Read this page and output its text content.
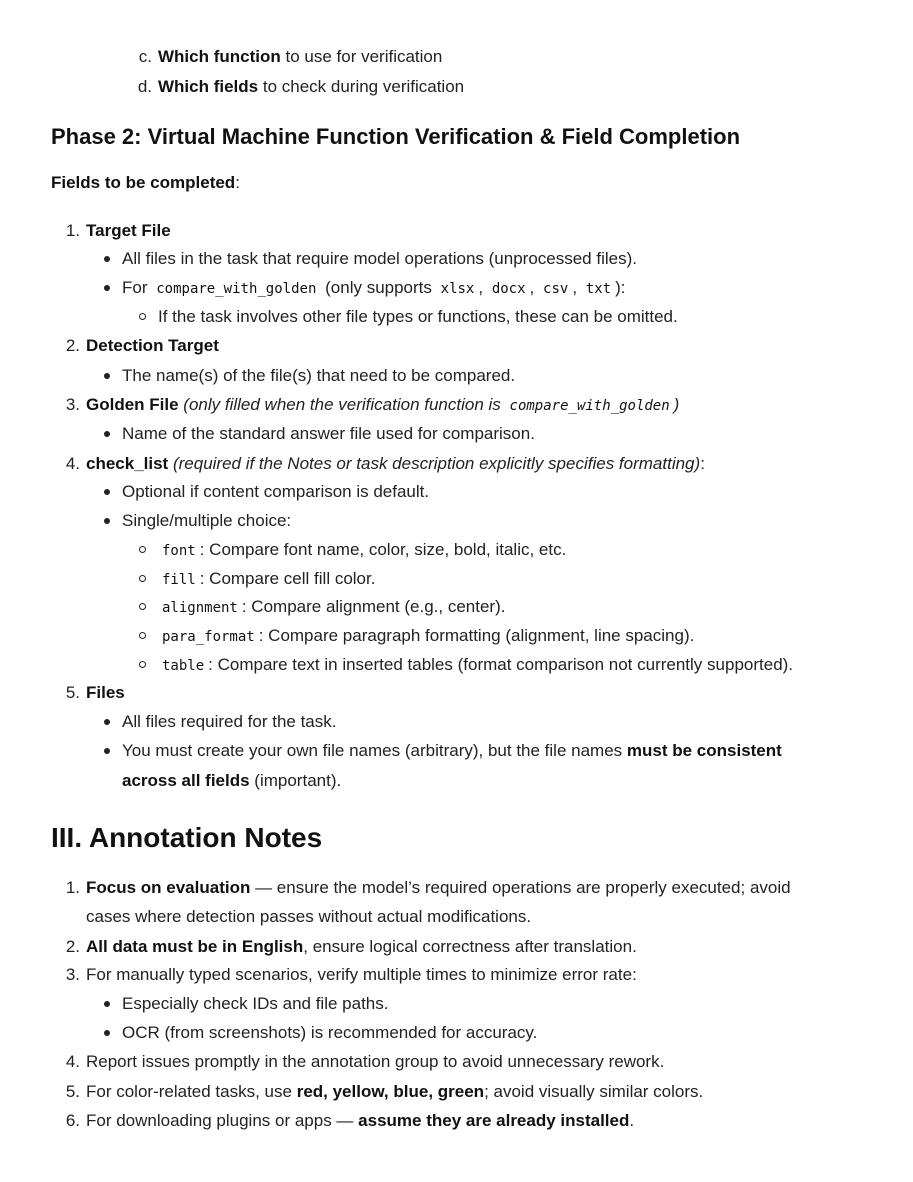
c. Which function to use for verification
d. Which fields to check during verification
Phase 2: Virtual Machine Function Verification & Field Completion
Fields to be completed:
1. Target File
All files in the task that require model operations (unprocessed files).
For compare_with_golden (only supports xlsx , docx , csv , txt ):
If the task involves other file types or functions, these can be omitted.
2. Detection Target
The name(s) of the file(s) that need to be compared.
3. Golden File (only filled when the verification function is compare_with_golden )
Name of the standard answer file used for comparison.
4. check_list (required if the Notes or task description explicitly specifies formatting):
Optional if content comparison is default.
Single/multiple choice:
font : Compare font name, color, size, bold, italic, etc.
fill : Compare cell fill color.
alignment : Compare alignment (e.g., center).
para_format : Compare paragraph formatting (alignment, line spacing).
table : Compare text in inserted tables (format comparison not currently supported).
5. Files
All files required for the task.
You must create your own file names (arbitrary), but the file names must be consistent
across all fields (important).
III. Annotation Notes
1. Focus on evaluation — ensure the model’s required operations are properly executed; avoid
cases where detection passes without actual modifications.
2. All data must be in English, ensure logical correctness after translation.
3. For manually typed scenarios, verify multiple times to minimize error rate:
Especially check IDs and file paths.
OCR (from screenshots) is recommended for accuracy.
4. Report issues promptly in the annotation group to avoid unnecessary rework.
5. For color-related tasks, use red, yellow, blue, green; avoid visually similar colors.
6. For downloading plugins or apps — assume they are already installed.
